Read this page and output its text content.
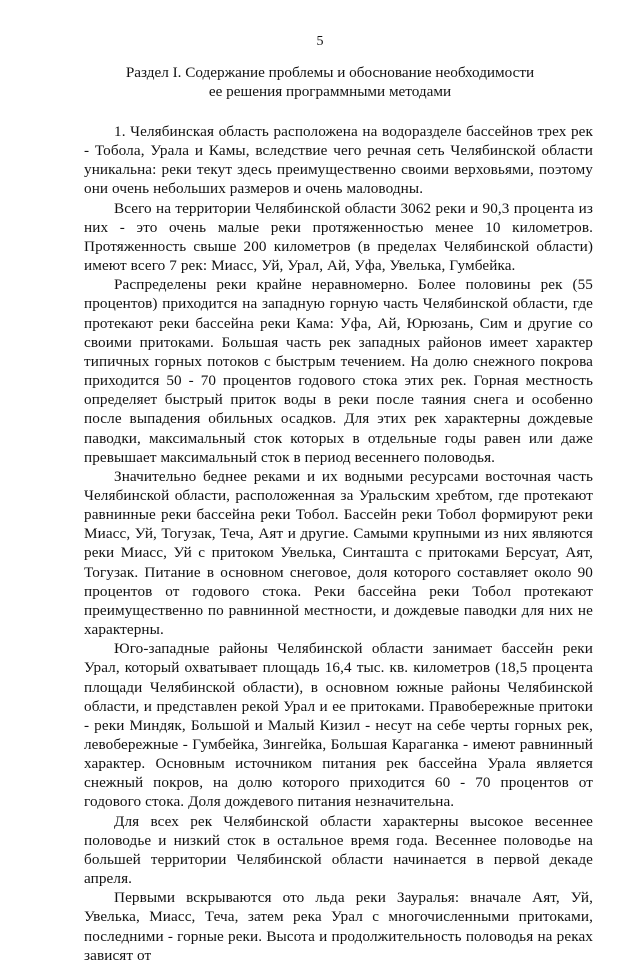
5
Раздел I. Содержание проблемы и обоснование необходимости
ее решения программными методами

1. Челябинская область расположена на водоразделе бассейнов трех рек - Тобола, Урала и Камы, вследствие чего речная сеть Челябинской области уникальна: реки текут здесь преимущественно своими верховьями, поэтому они очень небольших размеров и очень маловодны.

Всего на территории Челябинской области 3062 реки и 90,3 процента из них - это очень малые реки протяженностью менее 10 километров. Протяженность свыше 200 километров (в пределах Челябинской области) имеют всего 7 рек: Миасс, Уй, Урал, Ай, Уфа, Увелька, Гумбейка.

Распределены реки крайне неравномерно. Более половины рек (55 процентов) приходится на западную горную часть Челябинской области, где протекают реки бассейна реки Кама: Уфа, Ай, Юрюзань, Сим и другие со своими притоками. Большая часть рек западных районов имеет характер типичных горных потоков с быстрым течением. На долю снежного покрова приходится 50 - 70 процентов годового стока этих рек. Горная местность определяет быстрый приток воды в реки после таяния снега и особенно после выпадения обильных осадков. Для этих рек характерны дождевые паводки, максимальный сток которых в отдельные годы равен или даже превышает максимальный сток в период весеннего половодья.

Значительно беднее реками и их водными ресурсами восточная часть Челябинской области, расположенная за Уральским хребтом, где протекают равнинные реки бассейна реки Тобол. Бассейн реки Тобол формируют реки Миасс, Уй, Тогузак, Теча, Аят и другие. Самыми крупными из них являются реки Миасс, Уй с притоком Увелька, Синташта с притоками Берсуат, Аят, Тогузак. Питание в основном снеговое, доля которого составляет около 90 процентов от годового стока. Реки бассейна реки Тобол протекают преимущественно по равнинной местности, и дождевые паводки для них не характерны.

Юго-западные районы Челябинской области занимает бассейн реки Урал, который охватывает площадь 16,4 тыс. кв. километров (18,5 процента площади Челябинской области), в основном южные районы Челябинской области, и представлен рекой Урал и ее притоками. Правобережные притоки - реки Миндяк, Большой и Малый Кизил - несут на себе черты горных рек, левобережные - Гумбейка, Зингейка, Большая Караганка - имеют равнинный характер. Основным источником питания рек бассейна Урала является снежный покров, на долю которого приходится 60 - 70 процентов от годового стока. Доля дождевого питания незначительна.

Для всех рек Челябинской области характерны высокое весеннее половодье и низкий сток в остальное время года. Весеннее половодье на большей территории Челябинской области начинается в первой декаде апреля.

Первыми вскрываются ото льда реки Зауралья: вначале Аят, Уй, Увелька, Миасс, Теча, затем река Урал с многочисленными притоками, последними - горные реки. Высота и продолжительность половодья на реках зависят от
